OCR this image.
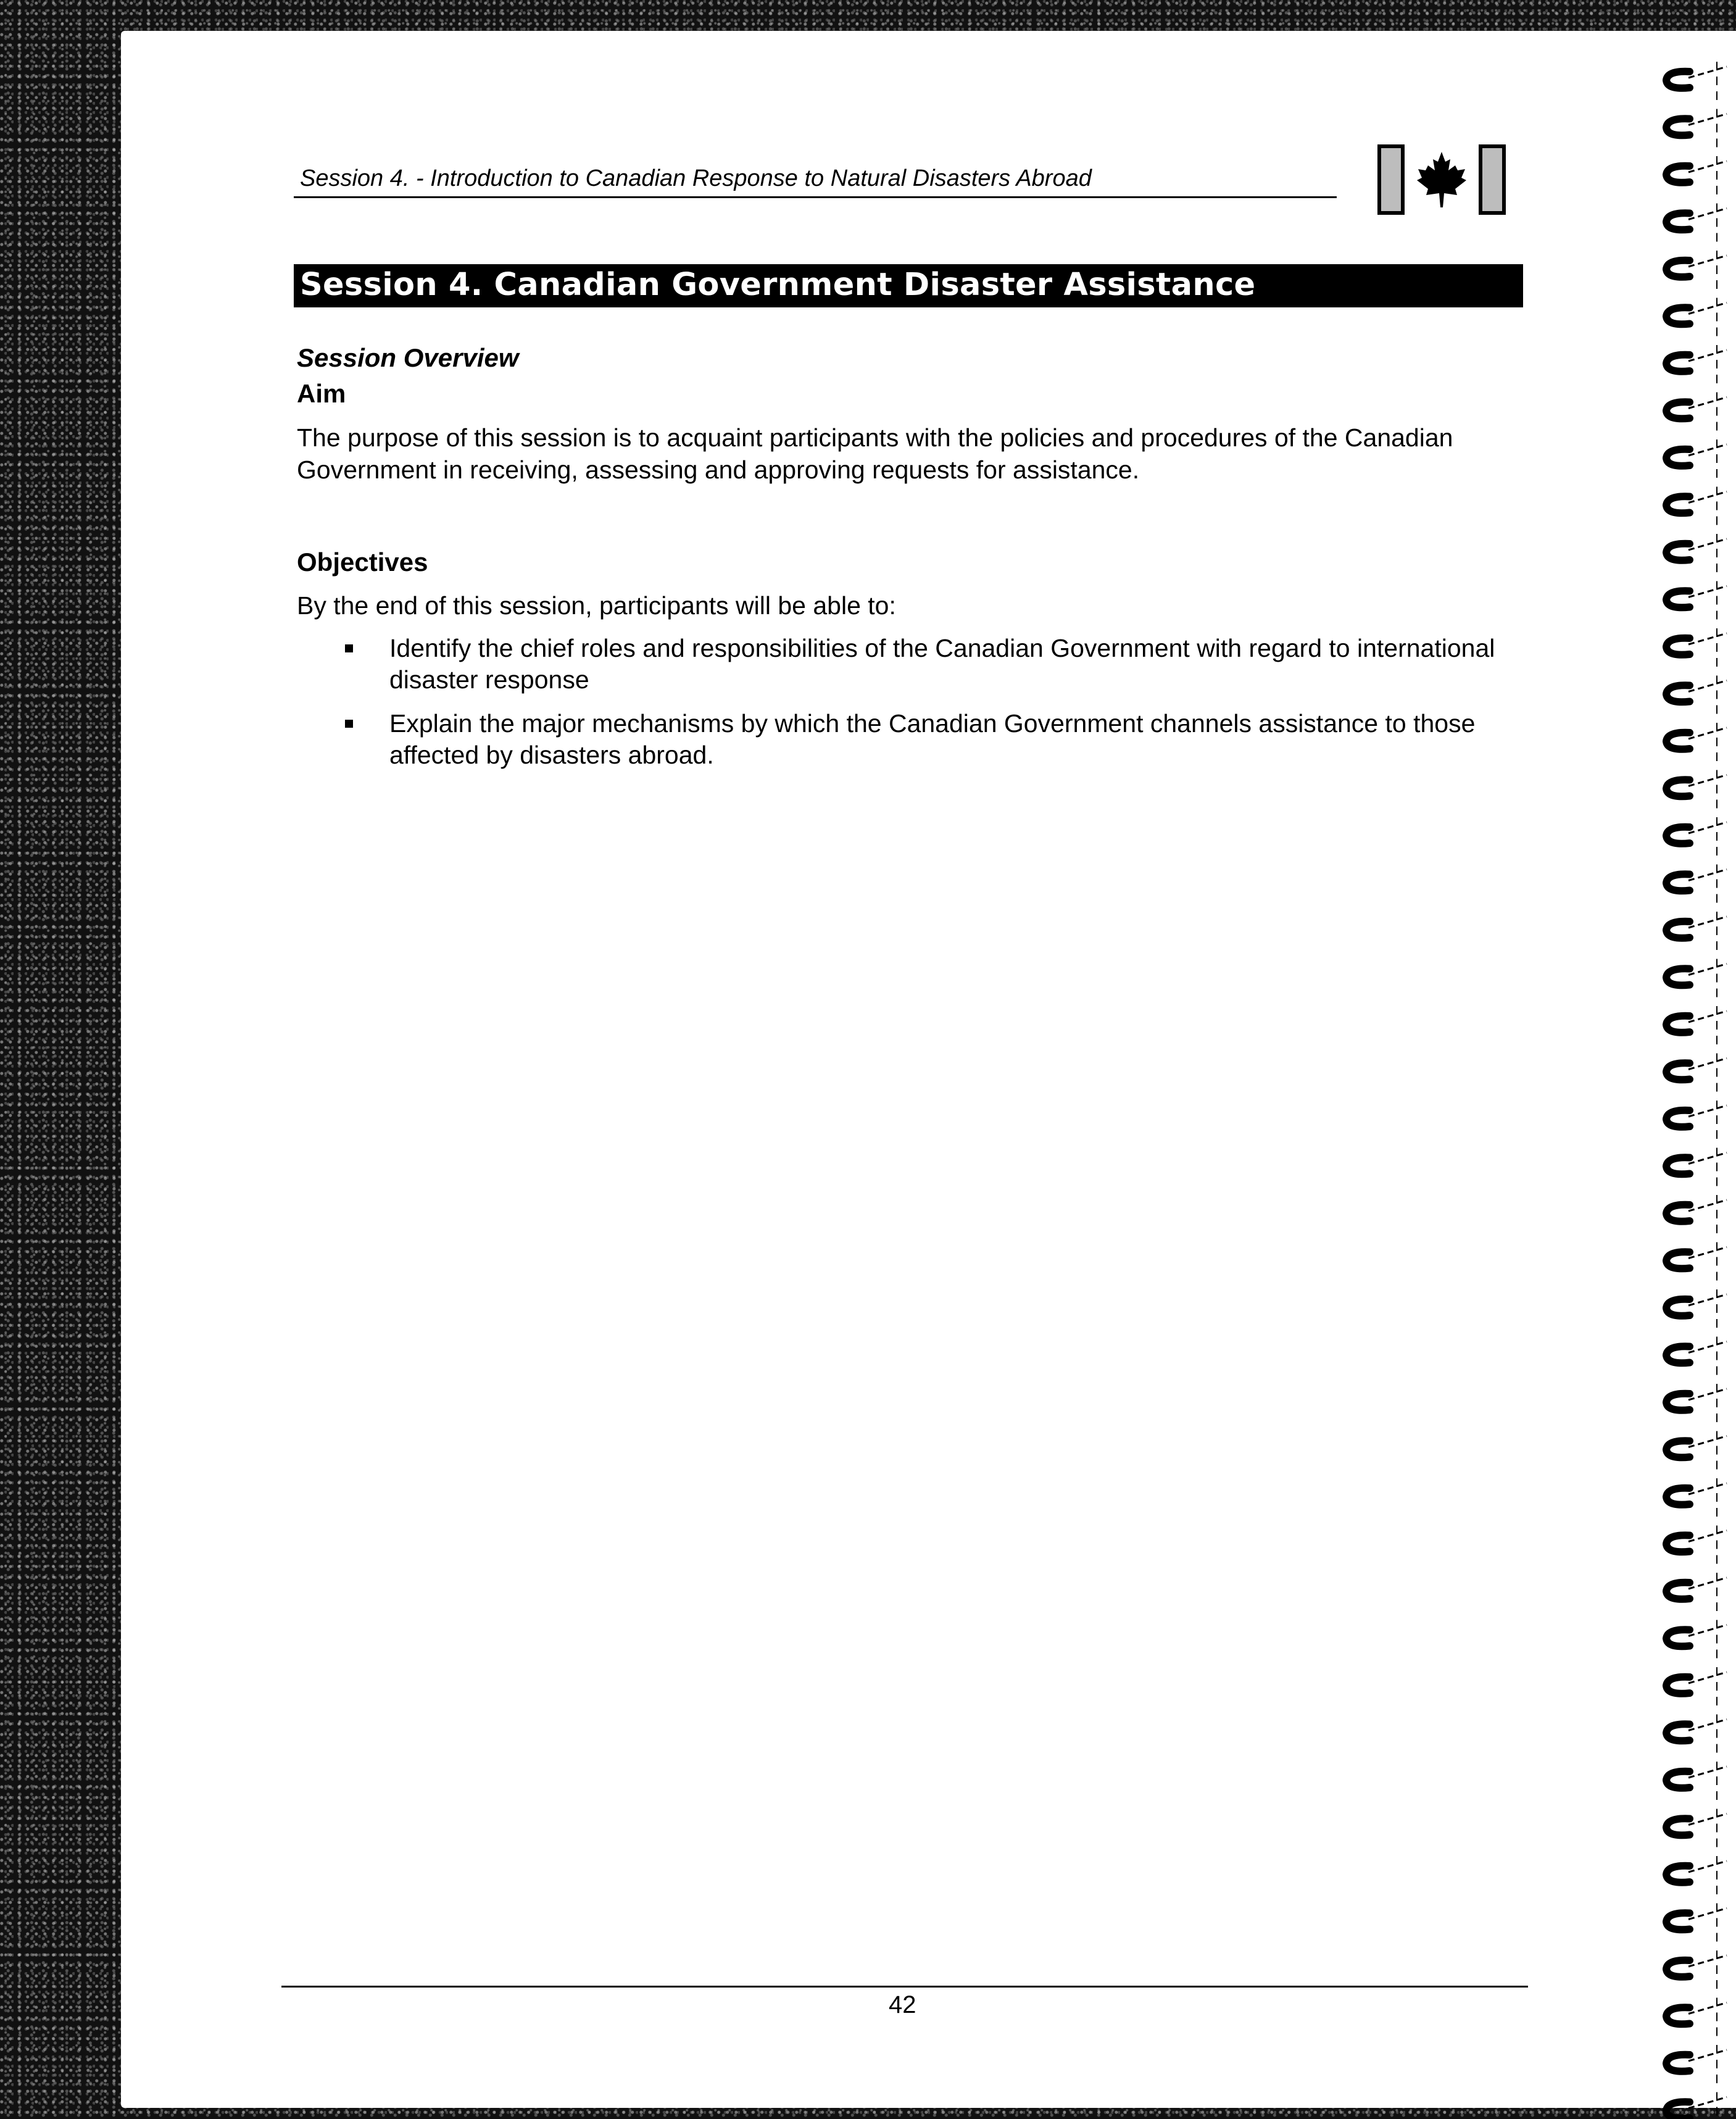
Session 4. - Introduction to Canadian Response to Natural Disasters Abroad
Session 4. Canadian Government Disaster Assistance
Session Overview
Aim
The purpose of this session is to acquaint participants with the policies and procedures of the Canadian Government in receiving, assessing and approving requests for assistance.
Objectives
By the end of this session, participants will be able to:
Identify the chief roles and responsibilities of the Canadian Government with regard to international disaster response
Explain the major mechanisms by which the Canadian Government channels assistance to those affected by disasters abroad.
42
